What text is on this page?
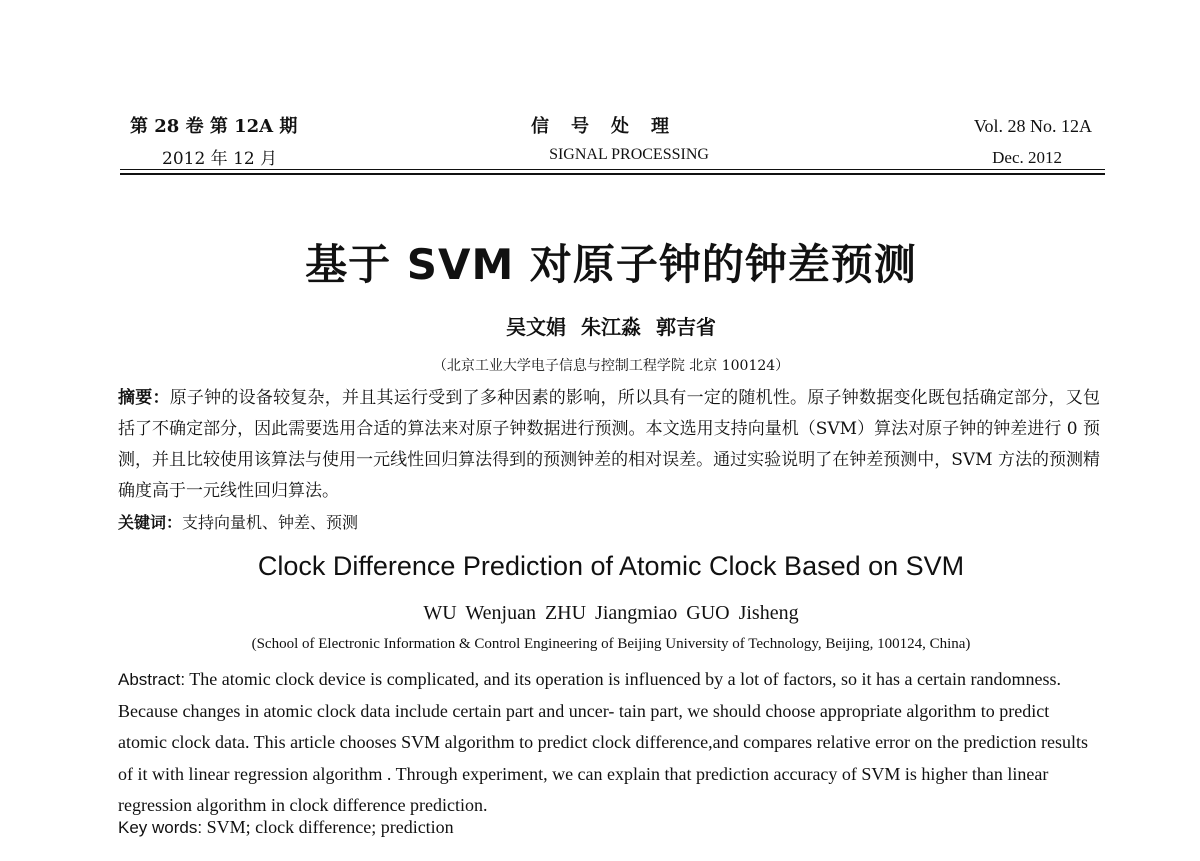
第 28 卷 第 12A 期
2012 年 12 月
信号处理
SIGNAL PROCESSING
Vol. 28 No. 12A
Dec. 2012
基于 SVM 对原子钟的钟差预测
吴文娟 朱江淼 郭吉省
（北京工业大学电子信息与控制工程学院 北京 100124）
摘要：原子钟的设备较复杂，并且其运行受到了多种因素的影响，所以具有一定的随机性。原子钟数据变化既包括确定部分，又包括了不确定部分，因此需要选用合适的算法来对原子钟数据进行预测。本文选用支持向量机（SVM）算法对原子钟的钟差进行 0 预测，并且比较使用该算法与使用一元线性回归算法得到的预测钟差的相对误差。通过实验说明了在钟差预测中，SVM 方法的预测精确度高于一元线性回归算法。
关键词：支持向量机、钟差、预测
Clock Difference Prediction of Atomic Clock Based on SVM
WU Wenjuan ZHU Jiangmiao GUO Jisheng
(School of Electronic Information & Control Engineering of Beijing University of Technology, Beijing, 100124, China)
Abstract: The atomic clock device is complicated, and its operation is influenced by a lot of factors, so it has a certain randomness. Because changes in atomic clock data include certain part and uncer- tain part, we should choose appropriate algorithm to predict atomic clock data. This article chooses SVM algorithm to predict clock difference,and compares relative error on the prediction results of it with linear regression algorithm . Through experiment, we can explain that prediction accuracy of SVM is higher than linear regression algorithm in clock difference prediction.
Key words: SVM; clock difference; prediction
